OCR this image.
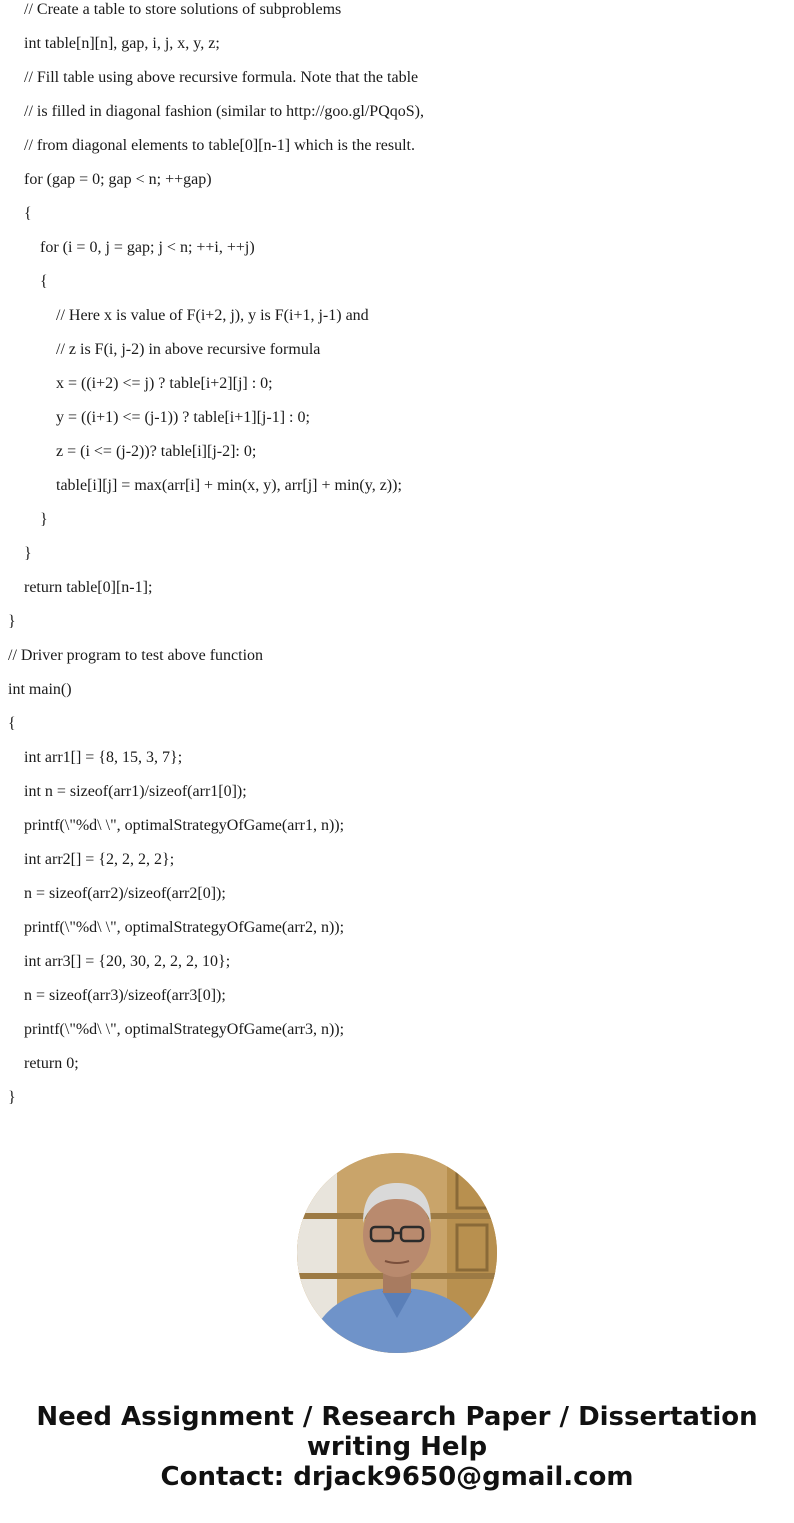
// Create a table to store solutions of subproblems
int table[n][n], gap, i, j, x, y, z;
// Fill table using above recursive formula. Note that the table
// is filled in diagonal fashion (similar to http://goo.gl/PQqoS),
// from diagonal elements to table[0][n-1] which is the result.
for (gap = 0; gap < n; ++gap)
{
for (i = 0, j = gap; j < n; ++i, ++j)
{
// Here x is value of F(i+2, j), y is F(i+1, j-1) and
// z is F(i, j-2) in above recursive formula
x = ((i+2) <= j) ? table[i+2][j] : 0;
y = ((i+1) <= (j-1)) ? table[i+1][j-1] : 0;
z = (i <= (j-2))? table[i][j-2]: 0;
table[i][j] = max(arr[i] + min(x, y), arr[j] + min(y, z));
}
}
return table[0][n-1];
}
// Driver program to test above function
int main()
{
int arr1[] = {8, 15, 3, 7};
int n = sizeof(arr1)/sizeof(arr1[0]);
printf(\"%d\ \", optimalStrategyOfGame(arr1, n));
int arr2[] = {2, 2, 2, 2};
n = sizeof(arr2)/sizeof(arr2[0]);
printf(\"%d\ \", optimalStrategyOfGame(arr2, n));
int arr3[] = {20, 30, 2, 2, 2, 10};
n = sizeof(arr3)/sizeof(arr3[0]);
printf(\"%d\ \", optimalStrategyOfGame(arr3, n));
return 0;
}
Need Assignment / Research Paper / Dissertation
writing Help
Contact: drjack9650@gmail.com
